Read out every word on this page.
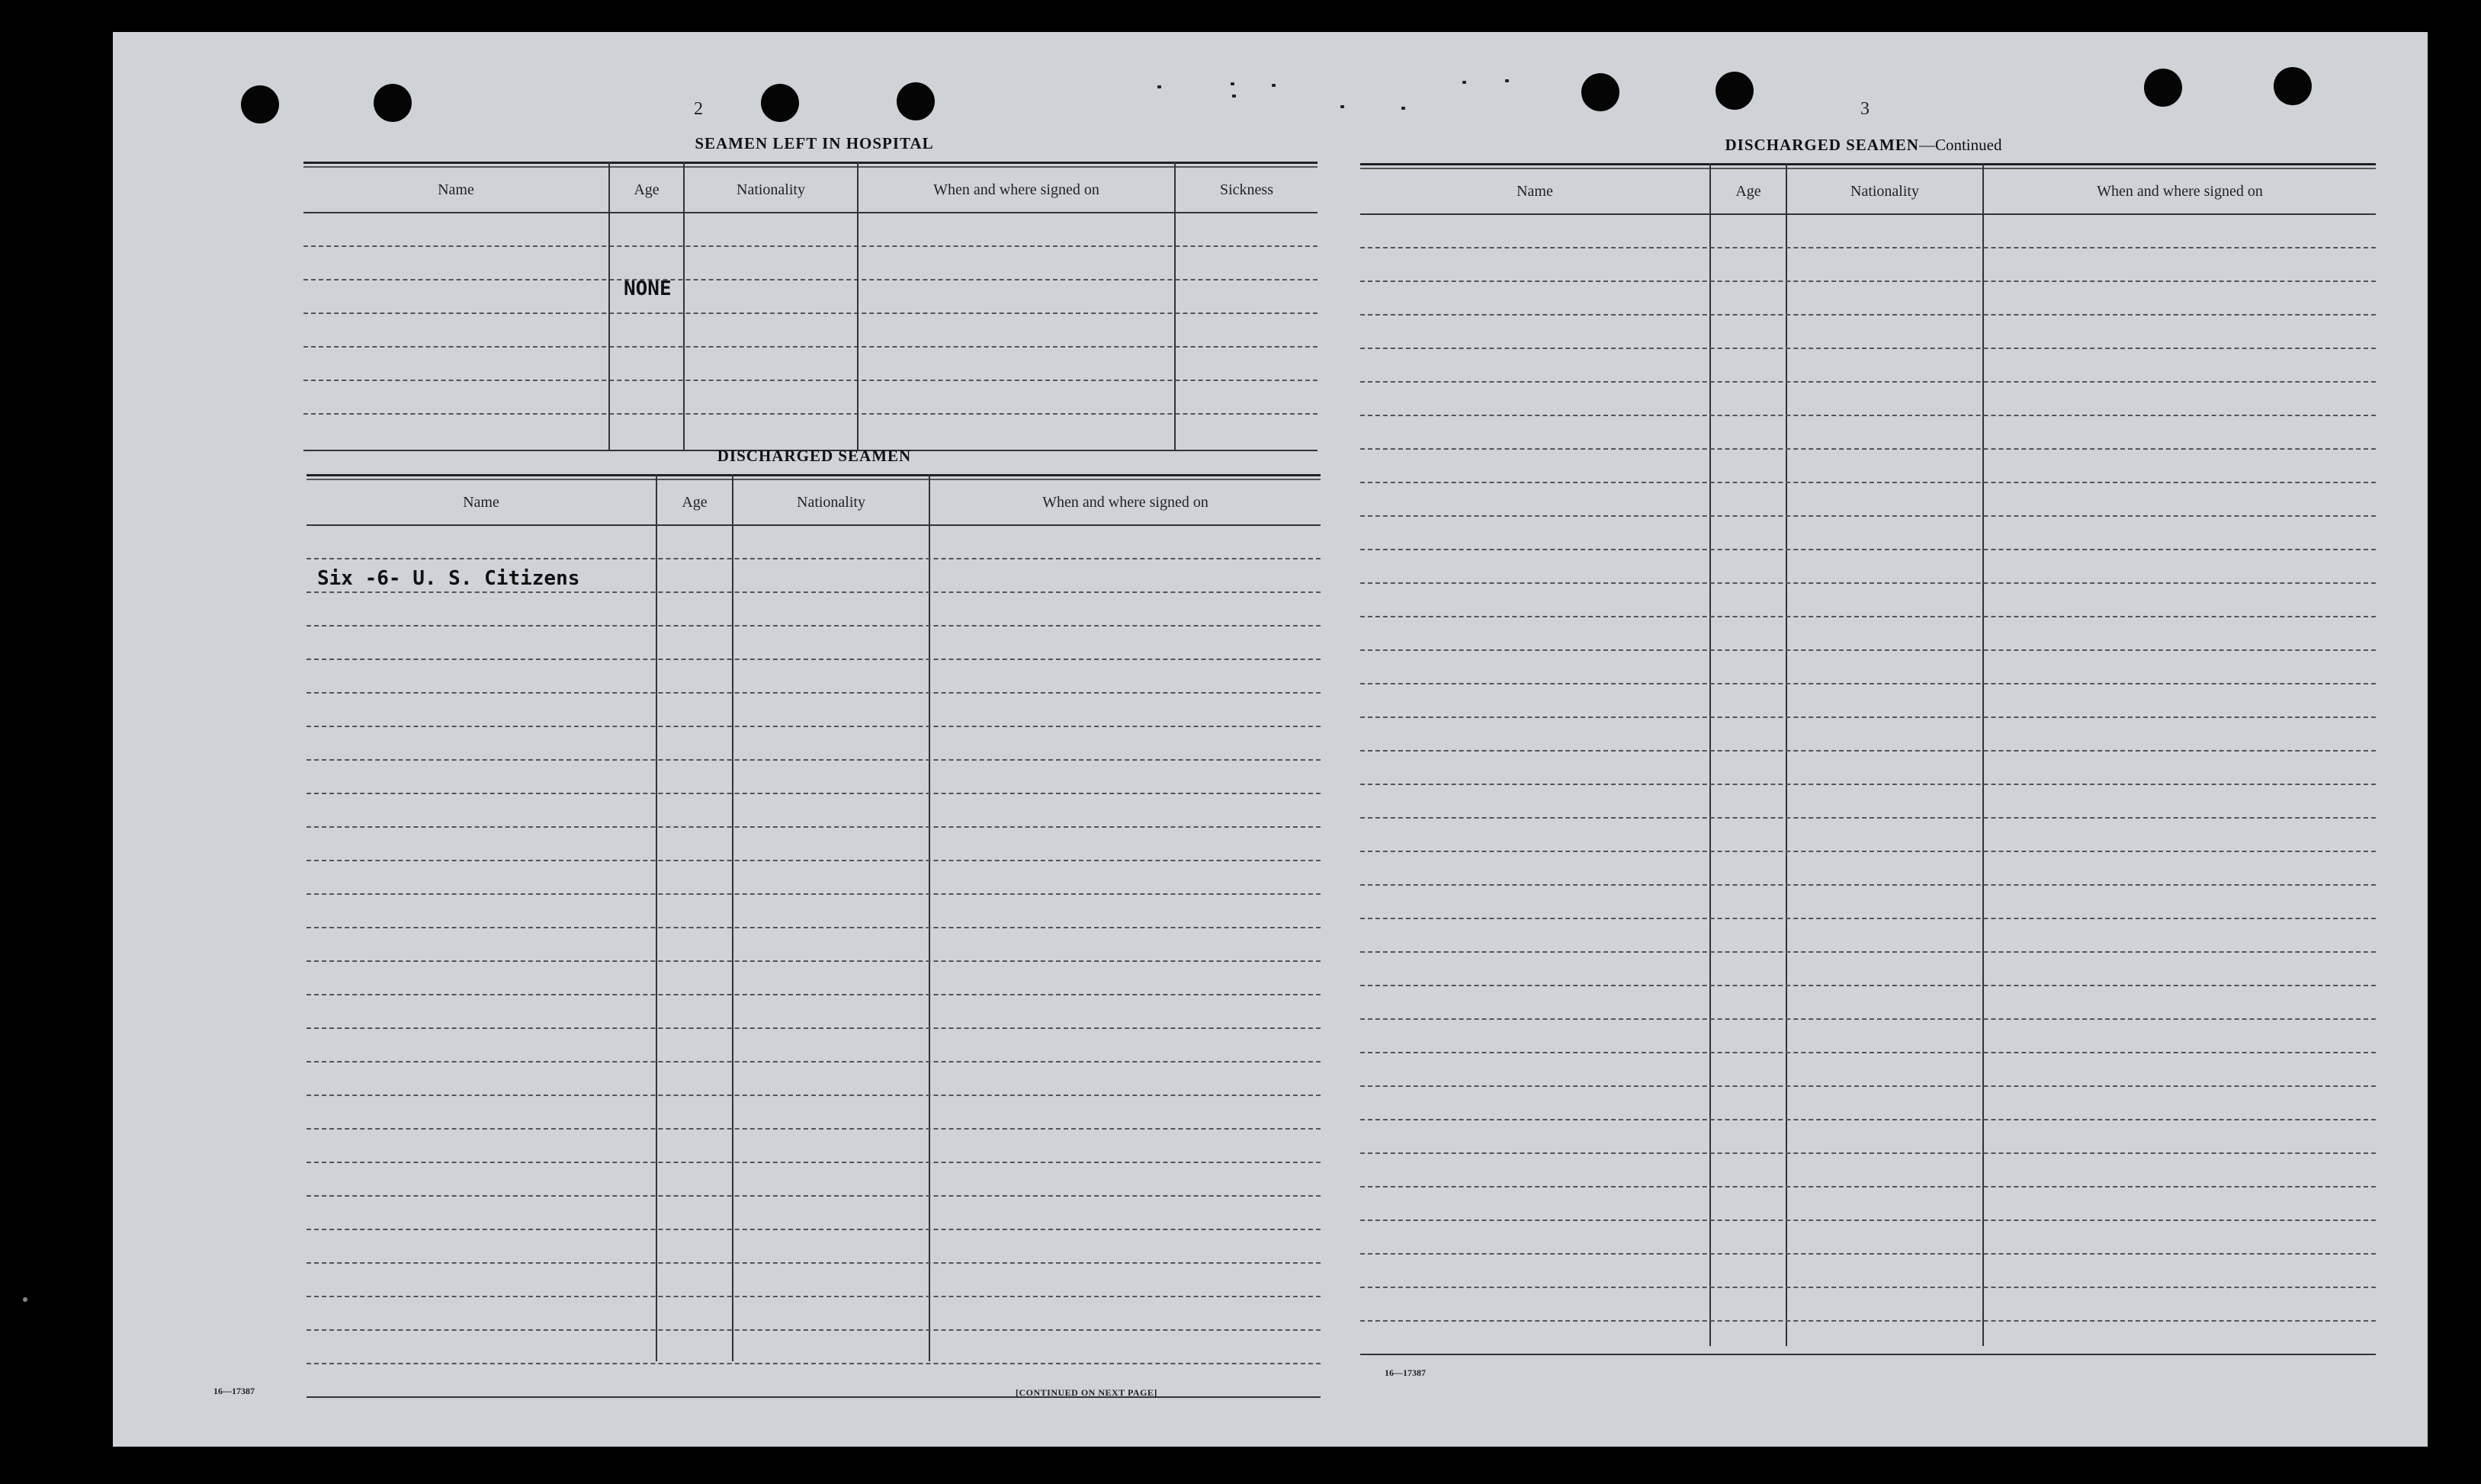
2
SEAMEN LEFT IN HOSPITAL
Name	Age	Nationality	When and where signed on	Sickness
NONE
DISCHARGED SEAMEN
Name	Age	Nationality	When and where signed on
Six -6- U. S. Citizens
16—17387	[CONTINUED ON NEXT PAGE]
3
DISCHARGED SEAMEN—Continued
Name	Age	Nationality	When and where signed on
16—17387
